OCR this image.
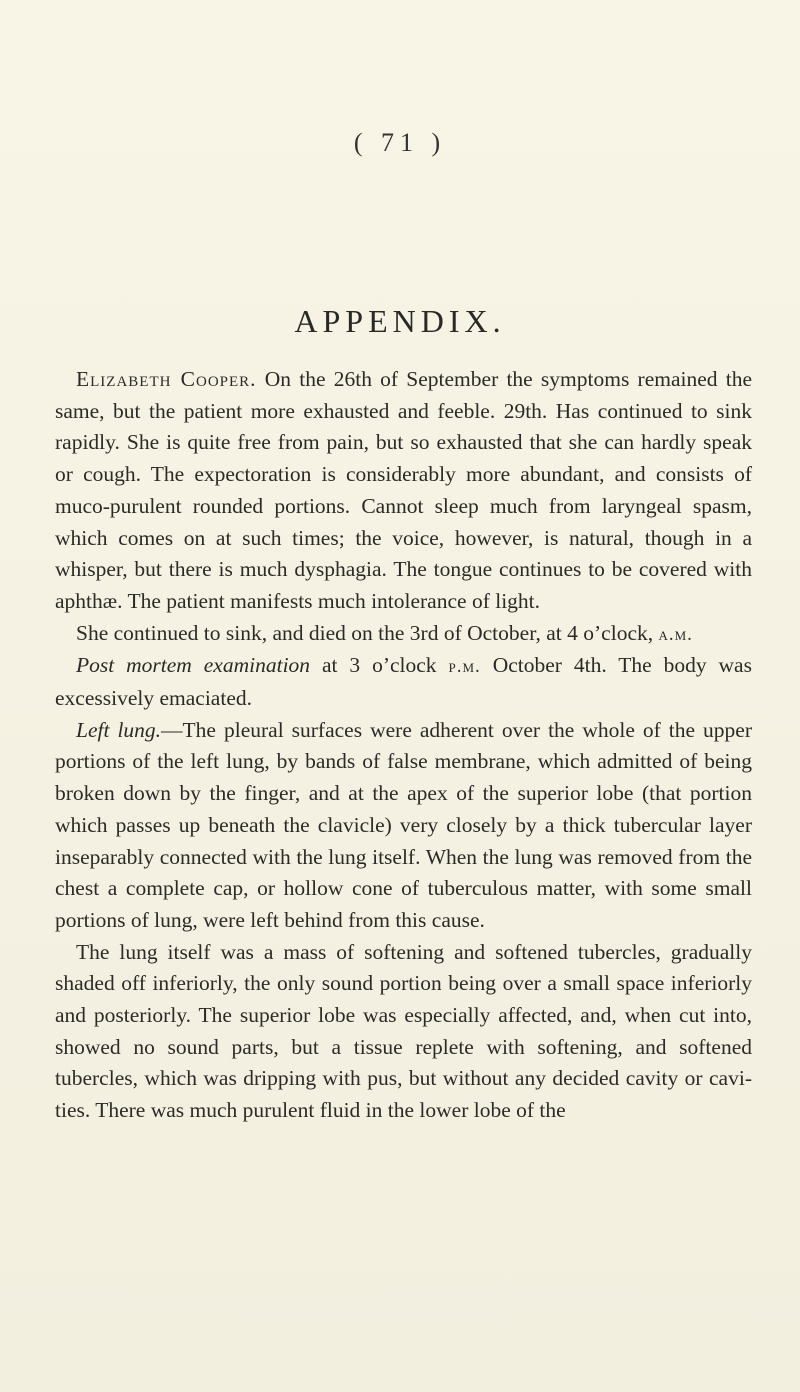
( 71 )
APPENDIX.

Elizabeth Cooper. On the 26th of September the symptoms remained the same, but the patient more exhausted and feeble. 29th. Has continued to sink rapidly. She is quite free from pain, but so exhausted that she can hardly speak or cough. The expectoration is considerably more abundant, and consists of muco-purulent rounded portions. Cannot sleep much from laryngeal spasm, which comes on at such times; the voice, however, is natural, though in a whisper, but there is much dysphagia. The tongue continues to be covered with aphthæ. The patient manifests much intolerance of light.

She continued to sink, and died on the 3rd of October, at 4 o’clock, a.m.

Post mortem examination at 3 o’clock p.m. October 4th. The body was excessively emaciated.

Left lung.—The pleural surfaces were adherent over the whole of the upper portions of the left lung, by bands of false membrane, which admitted of being broken down by the finger, and at the apex of the superior lobe (that portion which passes up beneath the clavicle) very closely by a thick tubercular layer inseparably connected with the lung itself. When the lung was removed from the chest a complete cap, or hollow cone of tuberculous matter, with some small portions of lung, were left behind from this cause.

The lung itself was a mass of softening and softened tubercles, gradually shaded off inferiorly, the only sound portion being over a small space inferiorly and posteriorly. The superior lobe was especially affected, and, when cut into, showed no sound parts, but a tissue replete with softening, and softened tubercles, which was dripping with pus, but without any decided cavity or cavities. There was much purulent fluid in the lower lobe of the
